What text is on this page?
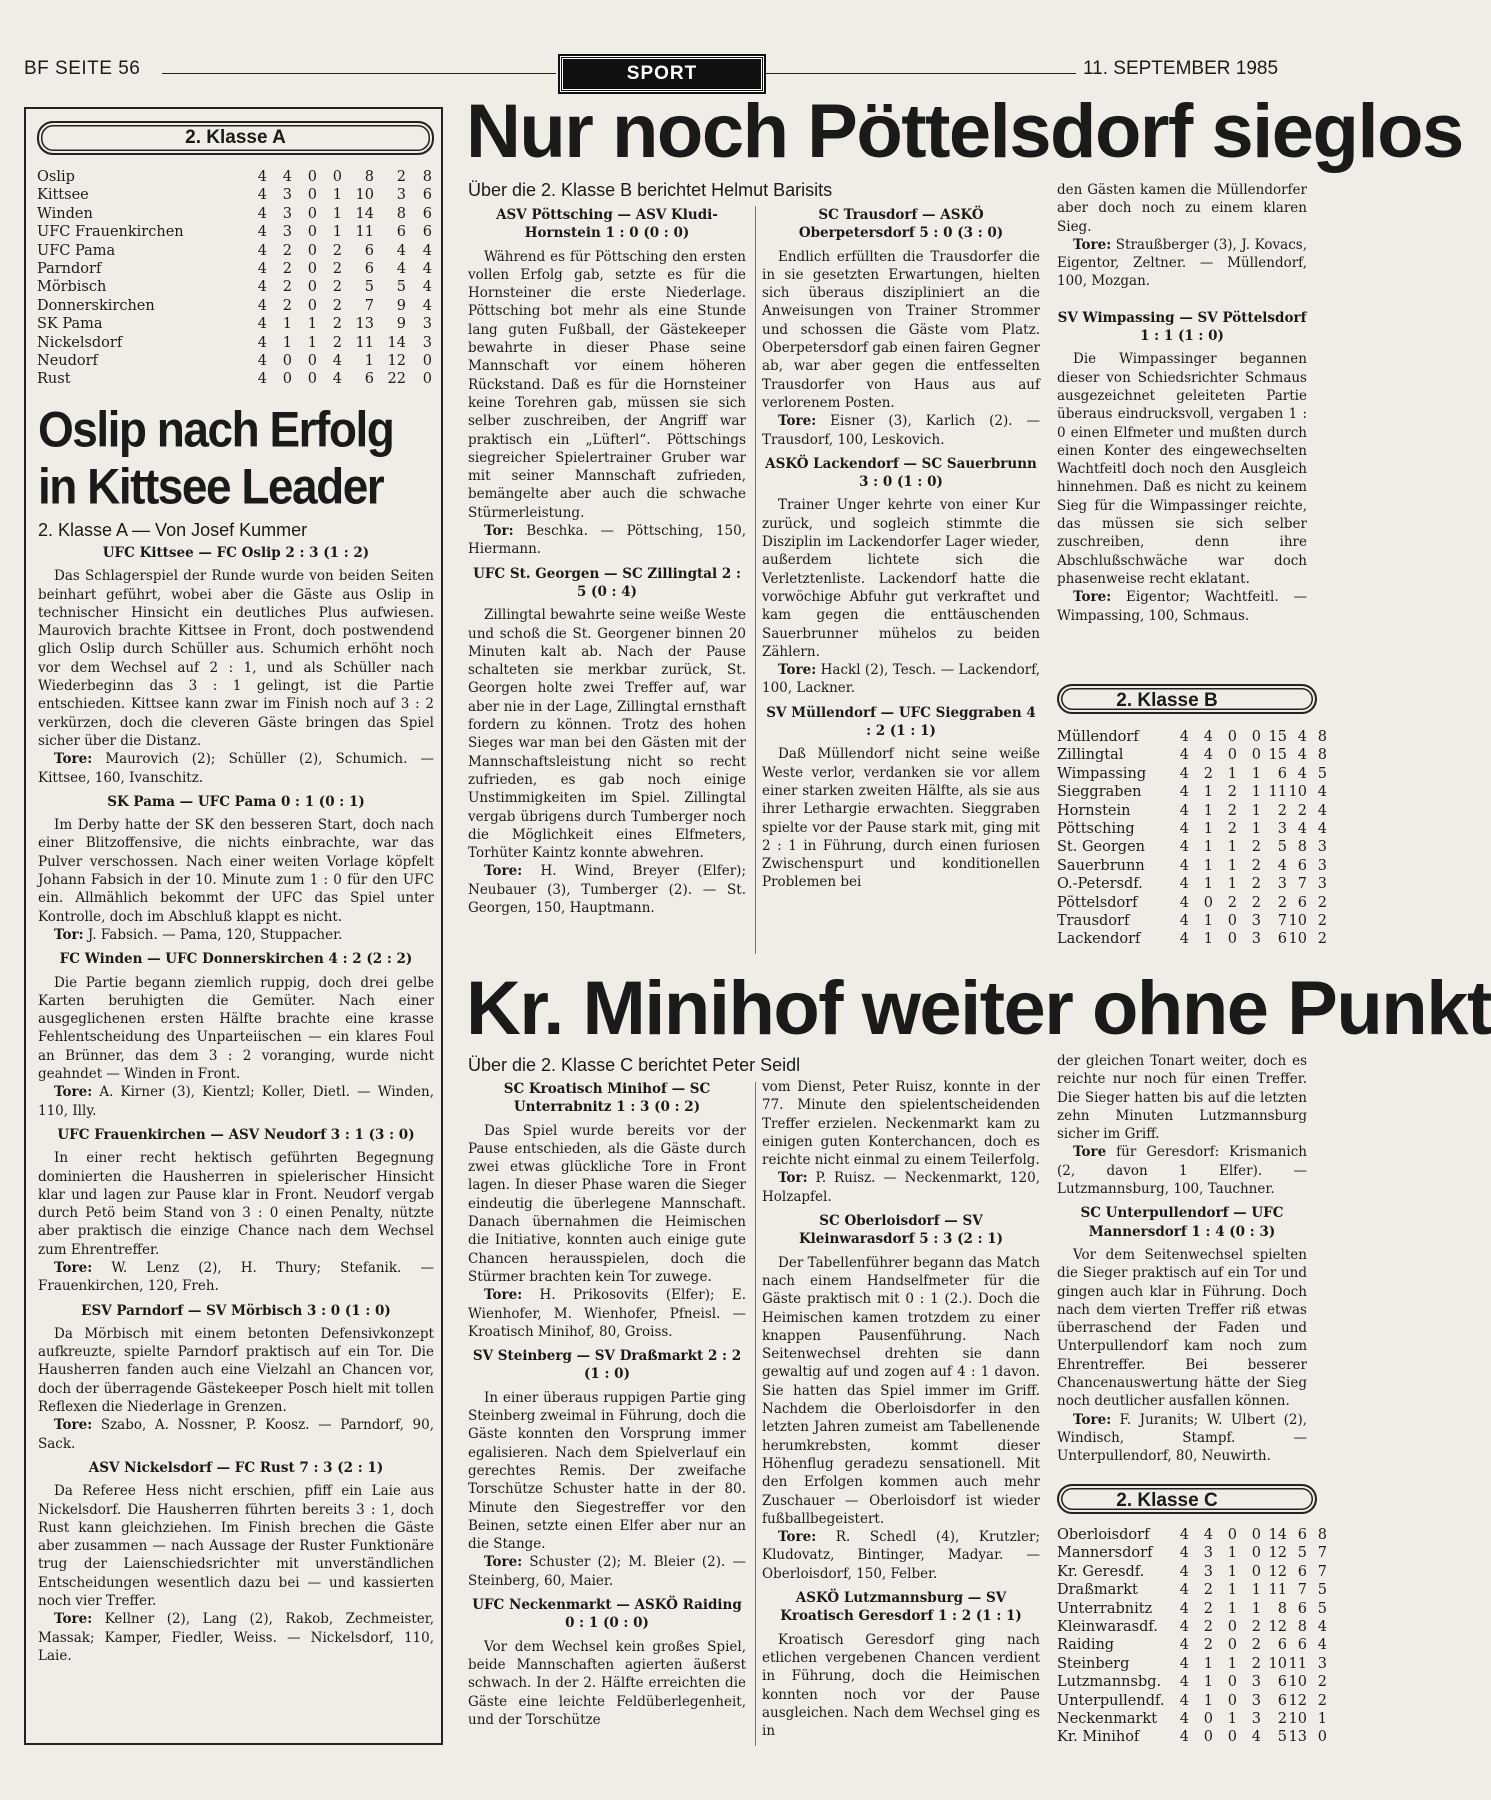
BF SEITE 56	SPORT	11. SEPTEMBER 1985
2. Klasse A
Oslip	4	4	0	0	8	2	8
Kittsee	4	3	0	1	10	3	6
Winden	4	3	0	1	14	8	6
UFC Frauenkirchen	4	3	0	1	11	6	6
UFC Pama	4	2	0	2	6	4	4
Parndorf	4	2	0	2	6	4	4
Mörbisch	4	2	0	2	5	5	4
Donnerskirchen	4	2	0	2	7	9	4
SK Pama	4	1	1	2	13	9	3
Nickelsdorf	4	1	1	2	11	14	3
Neudorf	4	0	0	4	1	12	0
Rust	4	0	0	4	6	22	0
Oslip nach Erfolg
in Kittsee Leader
2. Klasse A — Von Josef Kummer
UFC Kittsee — FC Oslip 2 : 3 (1 : 2)

Das Schlagerspiel der Runde wurde von beiden Seiten beinhart geführt, wobei aber die Gäste aus Oslip in technischer Hinsicht ein deutliches Plus aufwiesen. Maurovich brachte Kittsee in Front, doch postwendend glich Oslip durch Schüller aus. Schumich erhöht noch vor dem Wechsel auf 2 : 1, und als Schüller nach Wiederbeginn das 3 : 1 gelingt, ist die Partie entschieden. Kittsee kann zwar im Finish noch auf 3 : 2 verkürzen, doch die cleveren Gäste bringen das Spiel sicher über die Distanz.

Tore: Maurovich (2); Schüller (2), Schumich. — Kittsee, 160, Ivanschitz.

SK Pama — UFC Pama 0 : 1 (0 : 1)

Im Derby hatte der SK den besseren Start, doch nach einer Blitzoffensive, die nichts einbrachte, war das Pulver verschossen. Nach einer weiten Vorlage köpfelt Johann Fabsich in der 10. Minute zum 1 : 0 für den UFC ein. Allmählich bekommt der UFC das Spiel unter Kontrolle, doch im Abschluß klappt es nicht.

Tor: J. Fabsich. — Pama, 120, Stuppacher.

FC Winden — UFC Donnerskirchen 4 : 2 (2 : 2)

Die Partie begann ziemlich ruppig, doch drei gelbe Karten beruhigten die Gemüter. Nach einer ausgeglichenen ersten Hälfte brachte eine krasse Fehlentscheidung des Unparteiischen — ein klares Foul an Brünner, das dem 3 : 2 voranging, wurde nicht geahndet — Winden in Front.

Tore: A. Kirner (3), Kientzl; Koller, Dietl. — Winden, 110, Illy.

UFC Frauenkirchen — ASV Neudorf 3 : 1 (3 : 0)

In einer recht hektisch geführten Begegnung dominierten die Hausherren in spielerischer Hinsicht klar und lagen zur Pause klar in Front. Neudorf vergab durch Petö beim Stand von 3 : 0 einen Penalty, nützte aber praktisch die einzige Chance nach dem Wechsel zum Ehrentreffer.

Tore: W. Lenz (2), H. Thury; Stefanik. — Frauenkirchen, 120, Freh.

ESV Parndorf — SV Mörbisch 3 : 0 (1 : 0)

Da Mörbisch mit einem betonten Defensivkonzept aufkreuzte, spielte Parndorf praktisch auf ein Tor. Die Hausherren fanden auch eine Vielzahl an Chancen vor, doch der überragende Gästekeeper Posch hielt mit tollen Reflexen die Niederlage in Grenzen.

Tore: Szabo, A. Nossner, P. Koosz. — Parndorf, 90, Sack.

ASV Nickelsdorf — FC Rust 7 : 3 (2 : 1)

Da Referee Hess nicht erschien, pfiff ein Laie aus Nickelsdorf. Die Hausherren führten bereits 3 : 1, doch Rust kann gleichziehen. Im Finish brechen die Gäste aber zusammen — nach Aussage der Ruster Funktionäre trug der Laienschiedsrichter mit unverständlichen Entscheidungen wesentlich dazu bei — und kassierten noch vier Treffer.

Tore: Kellner (2), Lang (2), Rakob, Zechmeister, Massak; Kamper, Fiedler, Weiss. — Nickelsdorf, 110, Laie.

Nur noch Pöttelsdorf sieglos
Über die 2. Klasse B berichtet Helmut Barisits
ASV Pöttsching — ASV Kludi-Hornstein 1 : 0 (0 : 0)

Während es für Pöttsching den ersten vollen Erfolg gab, setzte es für die Hornsteiner die erste Niederlage. Pöttsching bot mehr als eine Stunde lang guten Fußball, der Gästekeeper bewahrte in dieser Phase seine Mannschaft vor einem höheren Rückstand. Daß es für die Hornsteiner keine Torehren gab, müssen sie sich selber zuschreiben, der Angriff war praktisch ein „Lüfterl“. Pöttschings siegreicher Spielertrainer Gruber war mit seiner Mannschaft zufrieden, bemängelte aber auch die schwache Stürmerleistung.

Tor: Beschka. — Pöttsching, 150, Hiermann.

UFC St. Georgen — SC Zillingtal 2 : 5 (0 : 4)

Zillingtal bewahrte seine weiße Weste und schoß die St. Georgener binnen 20 Minuten kalt ab. Nach der Pause schalteten sie merkbar zurück, St. Georgen holte zwei Treffer auf, war aber nie in der Lage, Zillingtal ernsthaft fordern zu können. Trotz des hohen Sieges war man bei den Gästen mit der Mannschaftsleistung nicht so recht zufrieden, es gab noch einige Unstimmigkeiten im Spiel. Zillingtal vergab übrigens durch Tumberger noch die Möglichkeit eines Elfmeters, Torhüter Kaintz konnte abwehren.

Tore: H. Wind, Breyer (Elfer); Neubauer (3), Tumberger (2). — St. Georgen, 150, Hauptmann.

SC Trausdorf — ASKÖ Oberpetersdorf 5 : 0 (3 : 0)

Endlich erfüllten die Trausdorfer die in sie gesetzten Erwartungen, hielten sich überaus diszipliniert an die Anweisungen von Trainer Strommer und schossen die Gäste vom Platz. Oberpetersdorf gab einen fairen Gegner ab, war aber gegen die entfesselten Trausdorfer von Haus aus auf verlorenem Posten.

Tore: Eisner (3), Karlich (2). — Trausdorf, 100, Leskovich.

ASKÖ Lackendorf — SC Sauerbrunn 3 : 0 (1 : 0)

Trainer Unger kehrte von einer Kur zurück, und sogleich stimmte die Disziplin im Lackendorfer Lager wieder, außerdem lichtete sich die Verletztenliste. Lackendorf hatte die vorwöchige Abfuhr gut verkraftet und kam gegen die enttäuschenden Sauerbrunner mühelos zu beiden Zählern.

Tore: Hackl (2), Tesch. — Lackendorf, 100, Lackner.

SV Müllendorf — UFC Sieggraben 4 : 2 (1 : 1)

Daß Müllendorf nicht seine weiße Weste verlor, verdanken sie vor allem einer starken zweiten Hälfte, als sie aus ihrer Lethargie erwachten. Sieggraben spielte vor der Pause stark mit, ging mit 2 : 1 in Führung, durch einen furiosen Zwischenspurt und konditionellen Problemen bei

den Gästen kamen die Müllendorfer aber doch noch zu einem klaren Sieg.

Tore: Straußberger (3), J. Kovacs, Eigentor, Zeltner. — Müllendorf, 100, Mozgan.

SV Wimpassing — SV Pöttelsdorf 1 : 1 (1 : 0)

Die Wimpassinger begannen dieser von Schiedsrichter Schmaus ausgezeichnet geleiteten Partie überaus eindrucksvoll, vergaben 1 : 0 einen Elfmeter und mußten durch einen Konter des eingewechselten Wachtfeitl doch noch den Ausgleich hinnehmen. Daß es nicht zu keinem Sieg für die Wimpassinger reichte, das müssen sie sich selber zuschreiben, denn ihre Abschlußschwäche war doch phasenweise recht eklatant.

Tore: Eigentor; Wachtfeitl. — Wimpassing, 100, Schmaus.

2. Klasse B
Müllendorf	4	4	0	0	15	4	8
Zillingtal	4	4	0	0	15	4	8
Wimpassing	4	2	1	1	6	4	5
Sieggraben	4	1	2	1	11	10	4
Hornstein	4	1	2	1	2	2	4
Pöttsching	4	1	2	1	3	4	4
St. Georgen	4	1	1	2	5	8	3
Sauerbrunn	4	1	1	2	4	6	3
O.-Petersdf.	4	1	1	2	3	7	3
Pöttelsdorf	4	0	2	2	2	6	2
Trausdorf	4	1	0	3	7	10	2
Lackendorf	4	1	0	3	6	10	2
Kr. Minihof weiter ohne Punkt
Über die 2. Klasse C berichtet Peter Seidl
SC Kroatisch Minihof — SC Unterrabnitz 1 : 3 (0 : 2)

Das Spiel wurde bereits vor der Pause entschieden, als die Gäste durch zwei etwas glückliche Tore in Front lagen. In dieser Phase waren die Sieger eindeutig die überlegene Mannschaft. Danach übernahmen die Heimischen die Initiative, konnten auch einige gute Chancen herausspielen, doch die Stürmer brachten kein Tor zuwege.

Tore: H. Prikosovits (Elfer); E. Wienhofer, M. Wienhofer, Pfneisl. — Kroatisch Minihof, 80, Groiss.

SV Steinberg — SV Draßmarkt 2 : 2 (1 : 0)

In einer überaus ruppigen Partie ging Steinberg zweimal in Führung, doch die Gäste konnten den Vorsprung immer egalisieren. Nach dem Spielverlauf ein gerechtes Remis. Der zweifache Torschütze Schuster hatte in der 80. Minute den Siegestreffer vor den Beinen, setzte einen Elfer aber nur an die Stange.

Tore: Schuster (2); M. Bleier (2). — Steinberg, 60, Maier.

UFC Neckenmarkt — ASKÖ Raiding 0 : 1 (0 : 0)

Vor dem Wechsel kein großes Spiel, beide Mannschaften agierten äußerst schwach. In der 2. Hälfte erreichten die Gäste eine leichte Feldüberlegenheit, und der Torschütze

vom Dienst, Peter Ruisz, konnte in der 77. Minute den spielentscheidenden Treffer erzielen. Neckenmarkt kam zu einigen guten Konterchancen, doch es reichte nicht einmal zu einem Teilerfolg.

Tor: P. Ruisz. — Neckenmarkt, 120, Holzapfel.

SC Oberloisdorf — SV Kleinwarasdorf 5 : 3 (2 : 1)

Der Tabellenführer begann das Match nach einem Handselfmeter für die Gäste praktisch mit 0 : 1 (2.). Doch die Heimischen kamen trotzdem zu einer knappen Pausenführung. Nach Seitenwechsel drehten sie dann gewaltig auf und zogen auf 4 : 1 davon. Sie hatten das Spiel immer im Griff. Nachdem die Oberloisdorfer in den letzten Jahren zumeist am Tabellenende herumkrebsten, kommt dieser Höhenflug geradezu sensationell. Mit den Erfolgen kommen auch mehr Zuschauer — Oberloisdorf ist wieder fußballbegeistert.

Tore: R. Schedl (4), Krutzler; Kludovatz, Bintinger, Madyar. — Oberloisdorf, 150, Felber.

ASKÖ Lutzmannsburg — SV Kroatisch Geresdorf 1 : 2 (1 : 1)

Kroatisch Geresdorf ging nach etlichen vergebenen Chancen verdient in Führung, doch die Heimischen konnten noch vor der Pause ausgleichen. Nach dem Wechsel ging es in

der gleichen Tonart weiter, doch es reichte nur noch für einen Treffer. Die Sieger hatten bis auf die letzten zehn Minuten Lutzmannsburg sicher im Griff.

Tore für Geresdorf: Krismanich (2, davon 1 Elfer). — Lutzmannsburg, 100, Tauchner.

SC Unterpullendorf — UFC Mannersdorf 1 : 4 (0 : 3)

Vor dem Seitenwechsel spielten die Sieger praktisch auf ein Tor und gingen auch klar in Führung. Doch nach dem vierten Treffer riß etwas überraschend der Faden und Unterpullendorf kam noch zum Ehrentreffer. Bei besserer Chancenauswertung hätte der Sieg noch deutlicher ausfallen können.

Tore: F. Juranits; W. Ulbert (2), Windisch, Stampf. — Unterpullendorf, 80, Neuwirth.

2. Klasse C
Oberloisdorf	4	4	0	0	14	6	8
Mannersdorf	4	3	1	0	12	5	7
Kr. Geresdf.	4	3	1	0	12	6	7
Draßmarkt	4	2	1	1	11	7	5
Unterrabnitz	4	2	1	1	8	6	5
Kleinwarasdf.	4	2	0	2	12	8	4
Raiding	4	2	0	2	6	6	4
Steinberg	4	1	1	2	10	11	3
Lutzmannsbg.	4	1	0	3	6	10	2
Unterpullendf.	4	1	0	3	6	12	2
Neckenmarkt	4	0	1	3	2	10	1
Kr. Minihof	4	0	0	4	5	13	0
